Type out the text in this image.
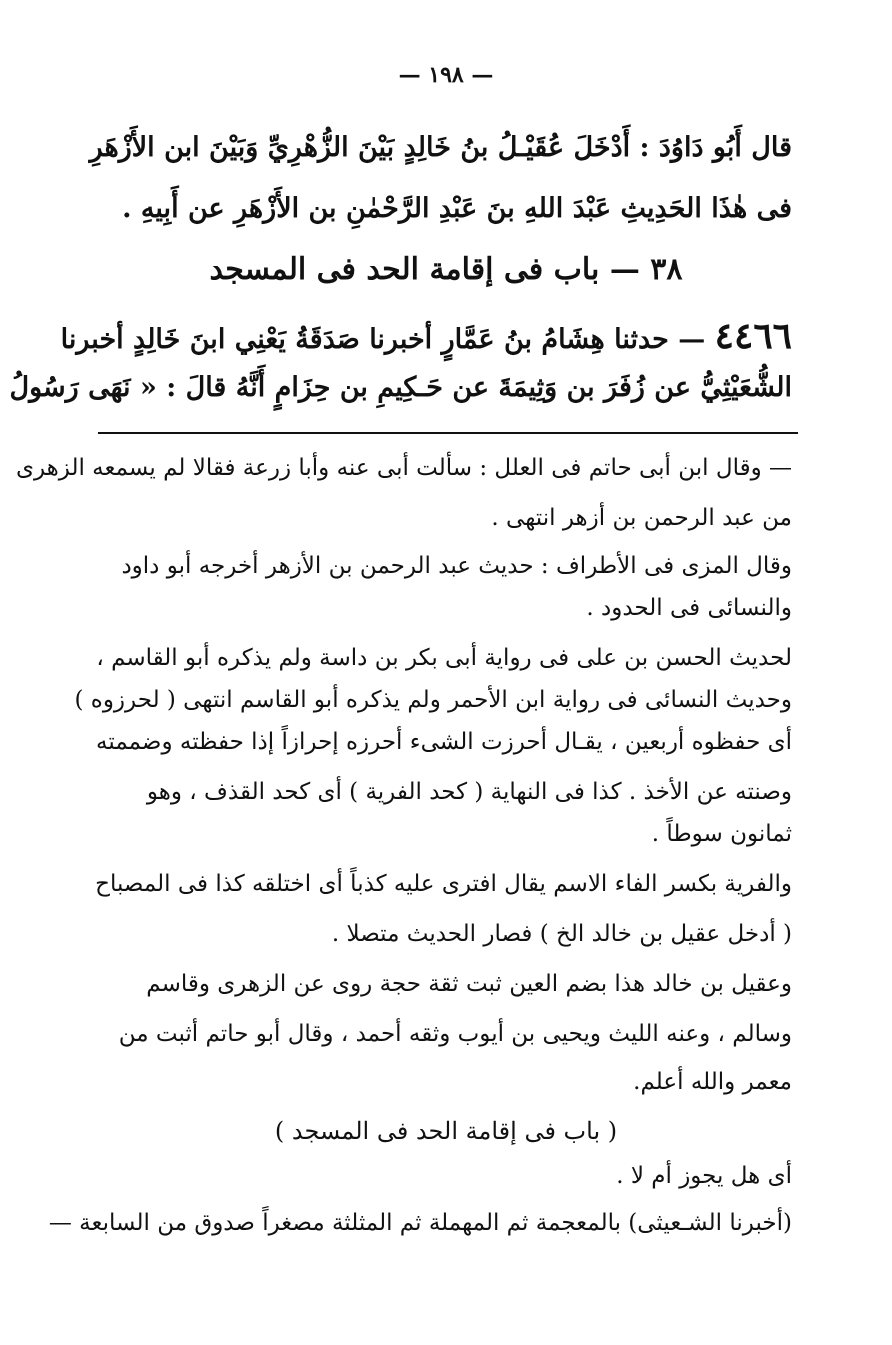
— ١٩٨ —
قال أَبُو دَاوُدَ : أَدْخَلَ عُقَيْـلُ بنُ خَالِدٍ بَيْنَ الزُّهْرِيِّ وَبَيْنَ ابن الأَزْهَرِ
فى هٰذَا الحَدِيثِ عَبْدَ اللهِ بنَ عَبْدِ الرَّحْمٰنِ بن الأَزْهَرِ عن أَبِيهِ .
٣٨ — باب فى إقامة الحد فى المسجد
٤٤٦٦ — حدثنا هِشَامُ بنُ عَمَّارٍ أخبرنا صَدَقَةُ يَعْنِي ابنَ خَالِدٍ أخبرنا
الشُّعَيْثِيُّ عن زُفَرَ بن وَثِيمَةَ عن حَـكِيمِ بن حِزَامٍ أَنَّهُ قالَ : « نَهَى رَسُولُ
— وقال ابن أبى حاتم فى العلل : سألت أبى عنه وأبا زرعة فقالا لم يسمعه الزهرى
من عبد الرحمن بن أزهر انتهى .
وقال المزى فى الأطراف : حديث عبد الرحمن بن الأزهر أخرجه أبو داود
والنسائى فى الحدود .
لحديث الحسن بن على فى رواية أبى بكر بن داسة ولم يذكره أبو القاسم ،
وحديث النسائى فى رواية ابن الأحمر ولم يذكره أبو القاسم انتهى ( لحرزوه )
أى حفظوه أربعين ، يقـال أحرزت الشىء أحرزه إحرازاً إذا حفظته وضممته
وصنته عن الأخذ . كذا فى النهاية ( كحد الفرية ) أى كحد القذف ، وهو
ثمانون سوطاً .
والفرية بكسر الفاء الاسم يقال افترى عليه كذباً أى اختلقه كذا فى المصباح
( أدخل عقيل بن خالد الخ ) فصار الحديث متصلا .
وعقيل بن خالد هذا بضم العين ثبت ثقة حجة روى عن الزهرى وقاسم
وسالم ، وعنه الليث ويحيى بن أيوب وثقه أحمد ، وقال أبو حاتم أثبت من
معمر والله أعلم.
( باب فى إقامة الحد فى المسجد )
أى هل يجوز أم لا .
(أخبرنا الشـعيثى) بالمعجمة ثم المهملة ثم المثلثة مصغراً صدوق من السابعة —
